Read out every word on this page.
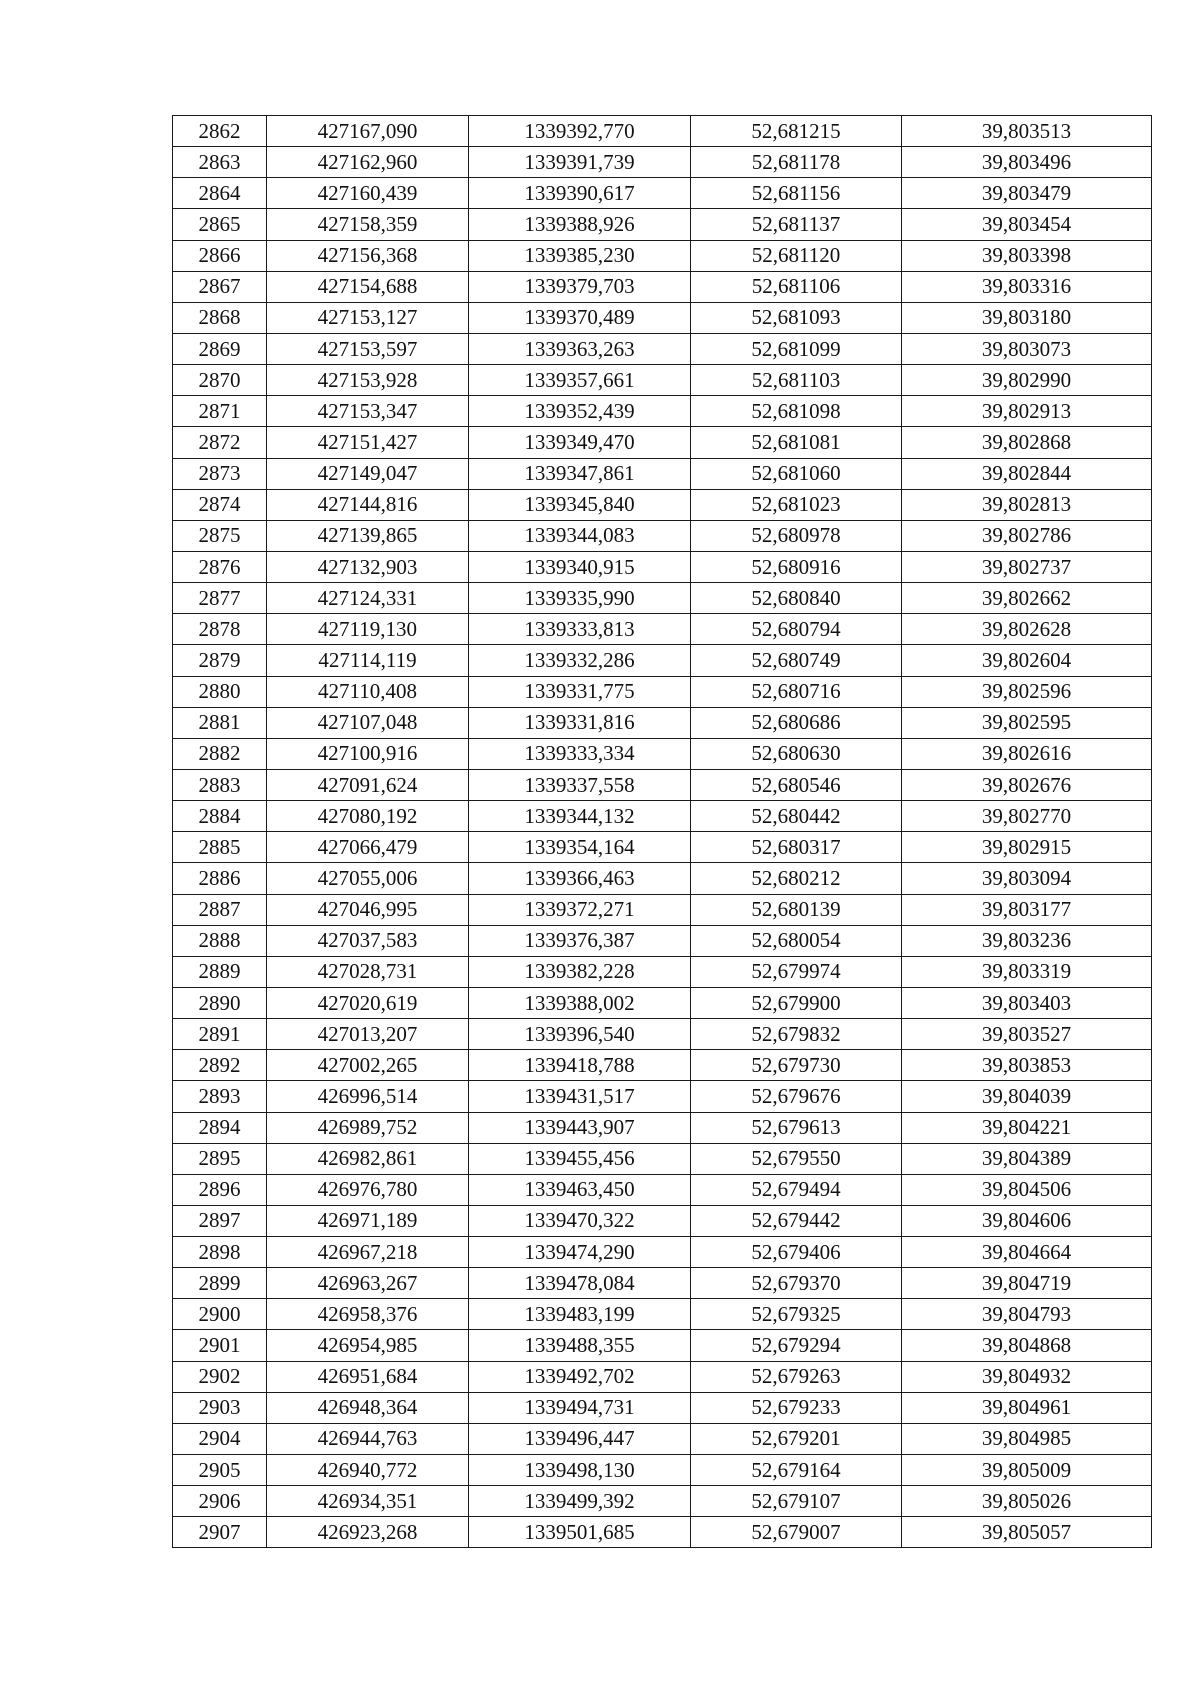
2862	427167,090	1339392,770	52,681215	39,803513
2863	427162,960	1339391,739	52,681178	39,803496
2864	427160,439	1339390,617	52,681156	39,803479
2865	427158,359	1339388,926	52,681137	39,803454
2866	427156,368	1339385,230	52,681120	39,803398
2867	427154,688	1339379,703	52,681106	39,803316
2868	427153,127	1339370,489	52,681093	39,803180
2869	427153,597	1339363,263	52,681099	39,803073
2870	427153,928	1339357,661	52,681103	39,802990
2871	427153,347	1339352,439	52,681098	39,802913
2872	427151,427	1339349,470	52,681081	39,802868
2873	427149,047	1339347,861	52,681060	39,802844
2874	427144,816	1339345,840	52,681023	39,802813
2875	427139,865	1339344,083	52,680978	39,802786
2876	427132,903	1339340,915	52,680916	39,802737
2877	427124,331	1339335,990	52,680840	39,802662
2878	427119,130	1339333,813	52,680794	39,802628
2879	427114,119	1339332,286	52,680749	39,802604
2880	427110,408	1339331,775	52,680716	39,802596
2881	427107,048	1339331,816	52,680686	39,802595
2882	427100,916	1339333,334	52,680630	39,802616
2883	427091,624	1339337,558	52,680546	39,802676
2884	427080,192	1339344,132	52,680442	39,802770
2885	427066,479	1339354,164	52,680317	39,802915
2886	427055,006	1339366,463	52,680212	39,803094
2887	427046,995	1339372,271	52,680139	39,803177
2888	427037,583	1339376,387	52,680054	39,803236
2889	427028,731	1339382,228	52,679974	39,803319
2890	427020,619	1339388,002	52,679900	39,803403
2891	427013,207	1339396,540	52,679832	39,803527
2892	427002,265	1339418,788	52,679730	39,803853
2893	426996,514	1339431,517	52,679676	39,804039
2894	426989,752	1339443,907	52,679613	39,804221
2895	426982,861	1339455,456	52,679550	39,804389
2896	426976,780	1339463,450	52,679494	39,804506
2897	426971,189	1339470,322	52,679442	39,804606
2898	426967,218	1339474,290	52,679406	39,804664
2899	426963,267	1339478,084	52,679370	39,804719
2900	426958,376	1339483,199	52,679325	39,804793
2901	426954,985	1339488,355	52,679294	39,804868
2902	426951,684	1339492,702	52,679263	39,804932
2903	426948,364	1339494,731	52,679233	39,804961
2904	426944,763	1339496,447	52,679201	39,804985
2905	426940,772	1339498,130	52,679164	39,805009
2906	426934,351	1339499,392	52,679107	39,805026
2907	426923,268	1339501,685	52,679007	39,805057
